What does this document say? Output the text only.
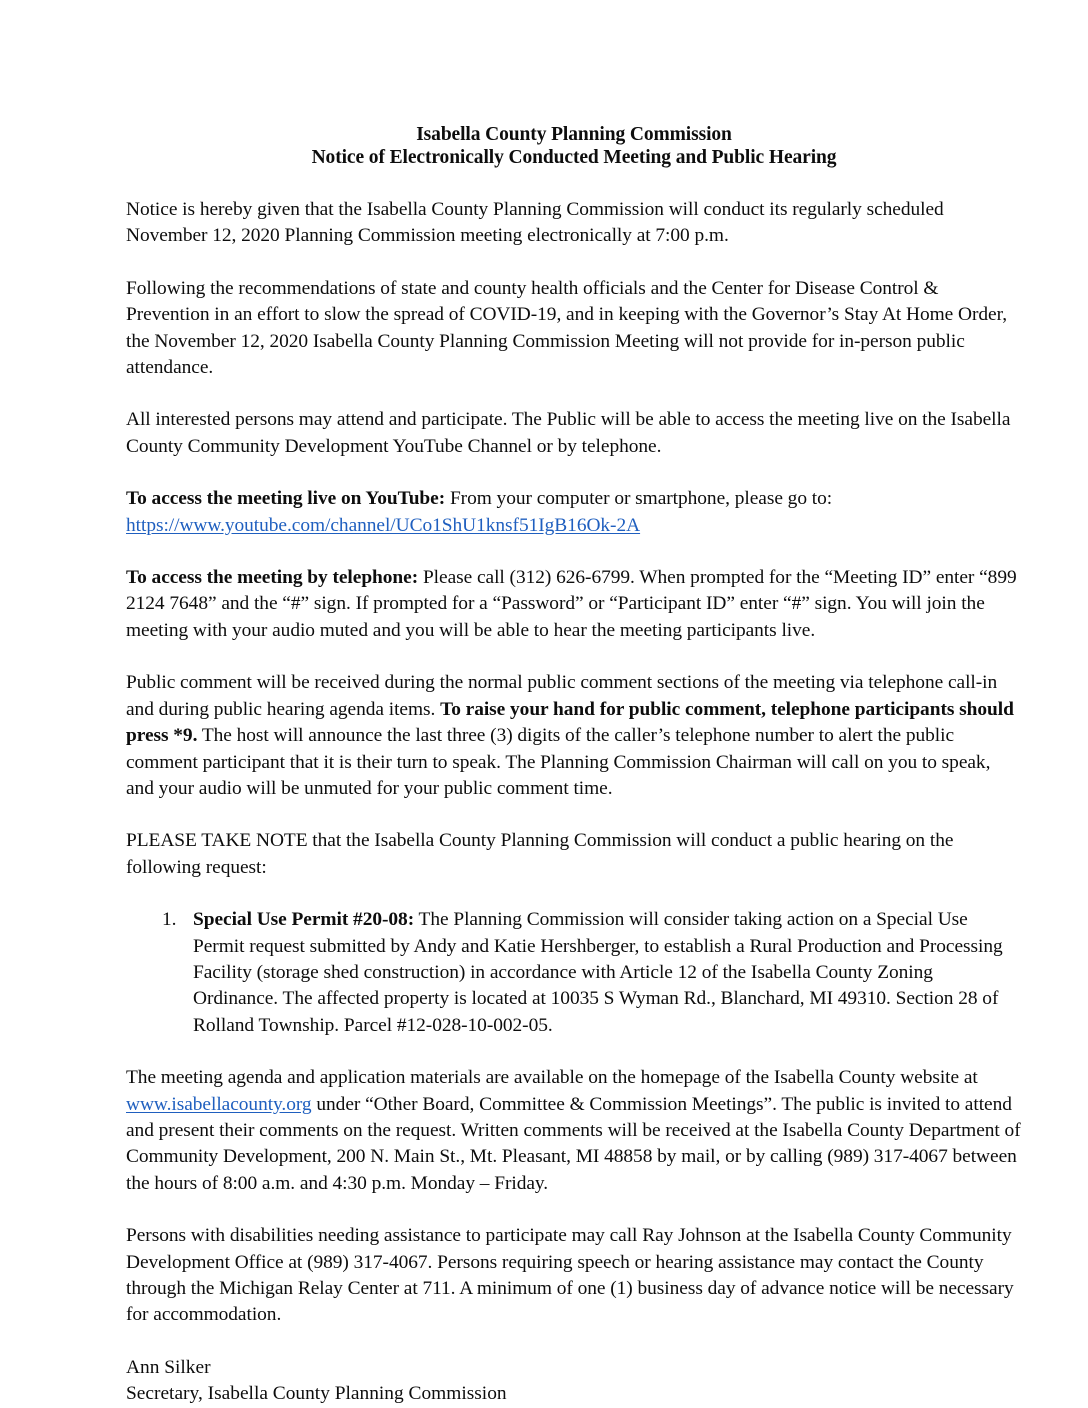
Isabella County Planning Commission
Notice of Electronically Conducted Meeting and Public Hearing

Notice is hereby given that the Isabella County Planning Commission will conduct its regularly scheduled November 12, 2020 Planning Commission meeting electronically at 7:00 p.m.

Following the recommendations of state and county health officials and the Center for Disease Control & Prevention in an effort to slow the spread of COVID-19, and in keeping with the Governor’s Stay At Home Order, the November 12, 2020 Isabella County Planning Commission Meeting will not provide for in-person public attendance.

All interested persons may attend and participate. The Public will be able to access the meeting live on the Isabella County Community Development YouTube Channel or by telephone.

To access the meeting live on YouTube: From your computer or smartphone, please go to:
https://www.youtube.com/channel/UCo1ShU1knsf51IgB16Ok-2A

To access the meeting by telephone: Please call (312) 626-6799. When prompted for the “Meeting ID” enter “899 2124 7648” and the “#” sign. If prompted for a “Password” or “Participant ID” enter “#” sign. You will join the meeting with your audio muted and you will be able to hear the meeting participants live.

Public comment will be received during the normal public comment sections of the meeting via telephone call-in and during public hearing agenda items. To raise your hand for public comment, telephone participants should press *9. The host will announce the last three (3) digits of the caller’s telephone number to alert the public comment participant that it is their turn to speak. The Planning Commission Chairman will call on you to speak, and your audio will be unmuted for your public comment time.

PLEASE TAKE NOTE that the Isabella County Planning Commission will conduct a public hearing on the following request:

1. Special Use Permit #20-08: The Planning Commission will consider taking action on a Special Use Permit request submitted by Andy and Katie Hershberger, to establish a Rural Production and Processing Facility (storage shed construction) in accordance with Article 12 of the Isabella County Zoning Ordinance. The affected property is located at 10035 S Wyman Rd., Blanchard, MI 49310. Section 28 of Rolland Township. Parcel #12-028-10-002-05.

The meeting agenda and application materials are available on the homepage of the Isabella County website at www.isabellacounty.org under “Other Board, Committee & Commission Meetings”. The public is invited to attend and present their comments on the request. Written comments will be received at the Isabella County Department of Community Development, 200 N. Main St., Mt. Pleasant, MI 48858 by mail, or by calling (989) 317-4067 between the hours of 8:00 a.m. and 4:30 p.m. Monday – Friday.

Persons with disabilities needing assistance to participate may call Ray Johnson at the Isabella County Community Development Office at (989) 317-4067. Persons requiring speech or hearing assistance may contact the County through the Michigan Relay Center at 711. A minimum of one (1) business day of advance notice will be necessary for accommodation.

Ann Silker
Secretary, Isabella County Planning Commission
